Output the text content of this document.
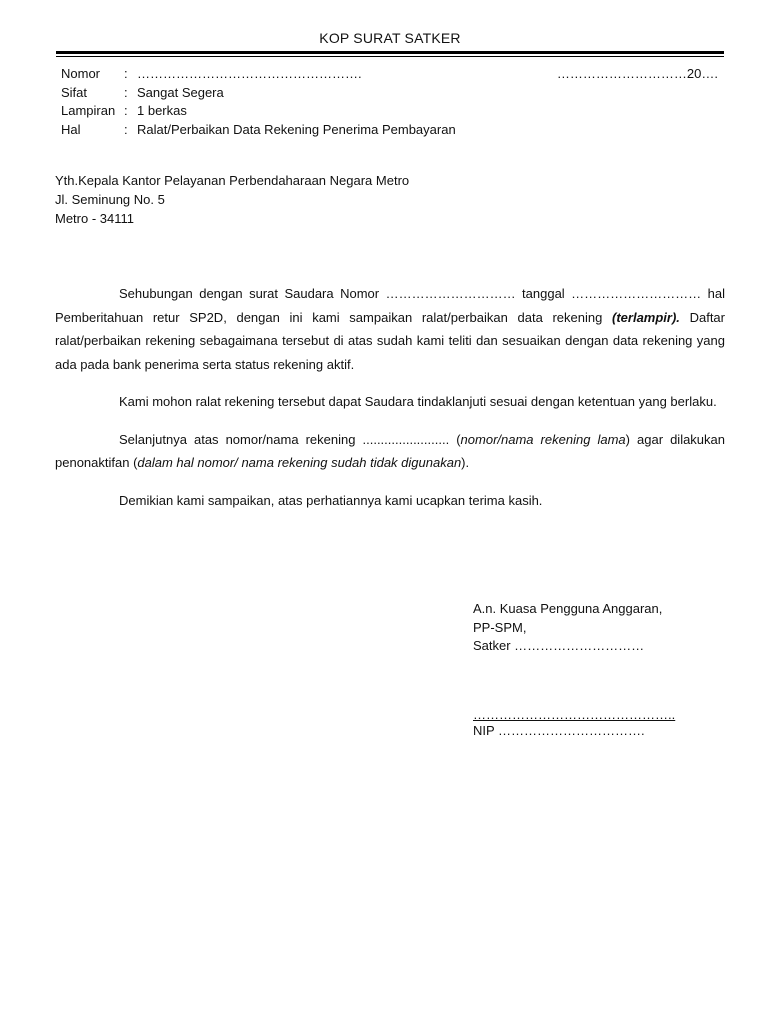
KOP SURAT SATKER
Nomor : …………………………………………….	…………………………20….
Sifat	: Sangat Segera
Lampiran : 1 berkas
Hal	: Ralat/Perbaikan Data Rekening Penerima Pembayaran
Yth.Kepala Kantor Pelayanan Perbendaharaan Negara Metro
Jl. Seminung No. 5
Metro - 34111

Sehubungan dengan surat Saudara Nomor ………………………… tanggal ………………………… hal Pemberitahuan retur SP2D, dengan ini kami sampaikan ralat/perbaikan data rekening (terlampir). Daftar ralat/perbaikan rekening sebagaimana tersebut di atas sudah kami teliti dan sesuaikan dengan data rekening yang ada pada bank penerima serta status rekening aktif.

Kami mohon ralat rekening tersebut dapat Saudara tindaklanjuti sesuai dengan ketentuan yang berlaku.

Selanjutnya atas nomor/nama rekening ........................ (nomor/nama rekening lama) agar dilakukan penonaktifan (dalam hal nomor/ nama rekening sudah tidak digunakan).

Demikian kami sampaikan, atas perhatiannya kami ucapkan terima kasih.

A.n. Kuasa Pengguna Anggaran,
PP-SPM,
Satker …………………………
………………………………………..
NIP …………………………….
